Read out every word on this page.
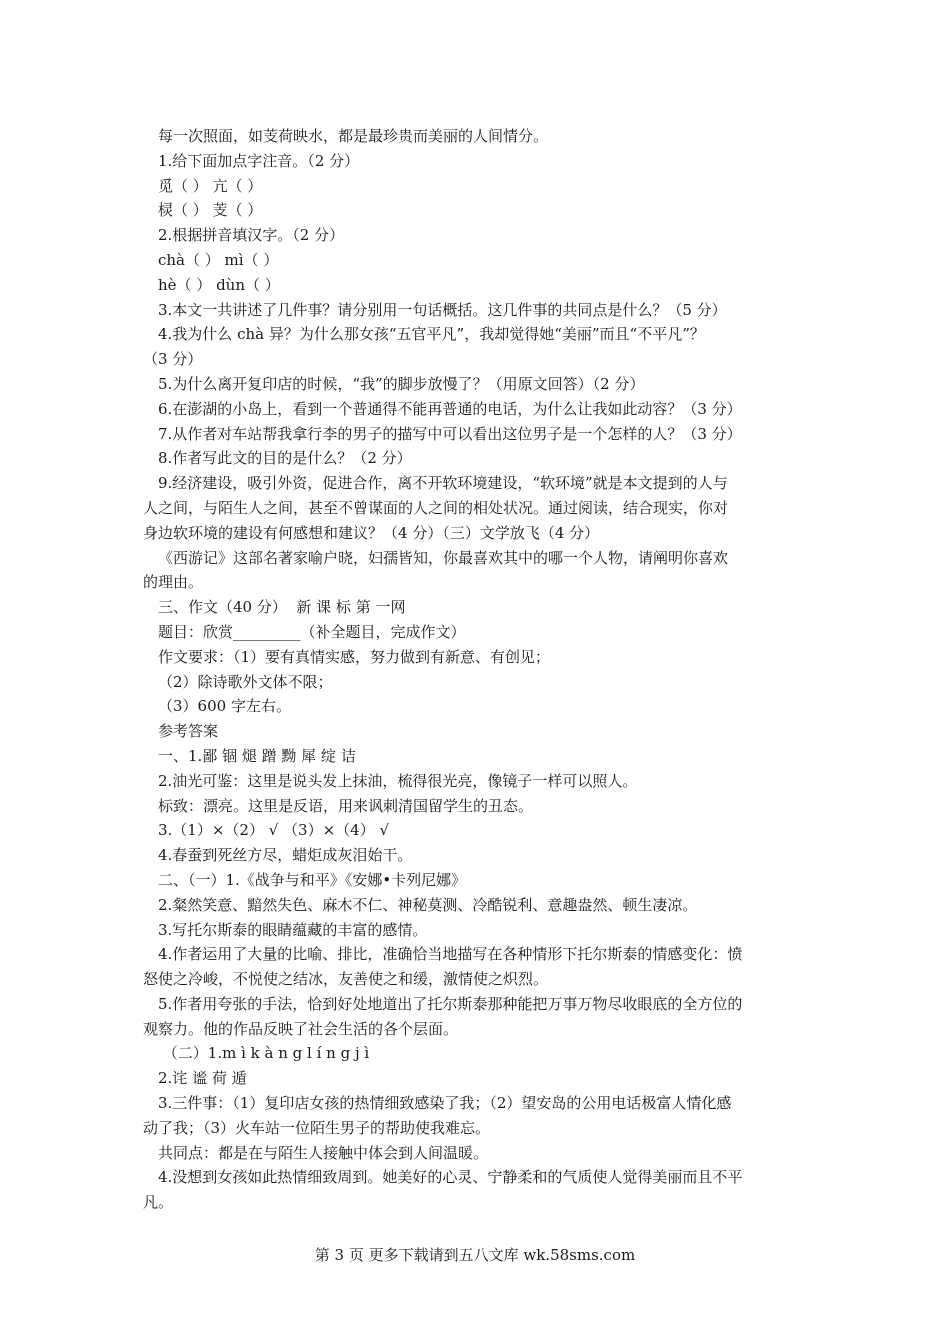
每一次照面，如芰荷映水，都是最珍贵而美丽的人间情分。
1.给下面加点字注音。（2 分）
觅（ ） 亢（ ）
棂（ ） 芰（ ）
2.根据拼音填汉字。（2 分）
chà（ ） mì（ ）
hè（ ） dùn（ ）
3.本文一共讲述了几件事？请分别用一句话概括。这几件事的共同点是什么？（5 分）
4.我为什么 chà 异？为什么那女孩“五官平凡”，我却觉得她“美丽”而且“不平凡”？
（3 分）
5.为什么离开复印店的时候，“我”的脚步放慢了？（用原文回答）（2 分）
6.在澎湖的小岛上，看到一个普通得不能再普通的电话，为什么让我如此动容？（3 分）
7.从作者对车站帮我拿行李的男子的描写中可以看出这位男子是一个怎样的人？（3 分）
8.作者写此文的目的是什么？（2 分）
9.经济建设，吸引外资，促进合作，离不开软环境建设，“软环境”就是本文提到的人与
人之间，与陌生人之间，甚至不曾谋面的人之间的相处状况。通过阅读，结合现实，你对
身边软环境的建设有何感想和建议？（4 分）（三）文学放飞（4 分）
《西游记》这部名著家喻户晓，妇孺皆知，你最喜欢其中的哪一个人物，请阐明你喜欢
的理由。
三、作文（40 分）  新 课 标 第 一网
题目：欣赏_________（补全题目，完成作文）
作文要求：（1）要有真情实感，努力做到有新意、有创见；
（2）除诗歌外文体不限；
（3）600 字左右。
参考答案
一、1.鄙 锢 煺 蹭 黝 犀 绽 诘
2.油光可鉴：这里是说头发上抹油，梳得很光亮，像镜子一样可以照人。
标致：漂亮。这里是反语，用来讽刺清国留学生的丑态。
3.（1）×（2） √ （3）×（4） √
4.春蚕到死丝方尽，蜡炬成灰泪始干。
二、（一）1.《战争与和平》《安娜•卡列尼娜》
2.粲然笑意、黯然失色、麻木不仁、神秘莫测、冷酷锐利、意趣盎然、顿生凄凉。
3.写托尔斯泰的眼睛蕴藏的丰富的感情。
4.作者运用了大量的比喻、排比，准确恰当地描写在各种情形下托尔斯泰的情感变化：愤
怒使之冷峻，不悦使之结冰，友善使之和缓，激情使之炽烈。
5.作者用夸张的手法，恰到好处地道出了托尔斯泰那种能把万事万物尽收眼底的全方位的
观察力。他的作品反映了社会生活的各个层面。
（二）1.m ì k à n g l í n g j ì
2.诧 谧 荷 遁
3.三件事：（1）复印店女孩的热情细致感染了我；（2）望安岛的公用电话极富人情化感
动了我；（3）火车站一位陌生男子的帮助使我难忘。
共同点：都是在与陌生人接触中体会到人间温暖。
4.没想到女孩如此热情细致周到。她美好的心灵、宁静柔和的气质使人觉得美丽而且不平
凡。
第 3 页 更多下载请到五八文库 wk.58sms.com
